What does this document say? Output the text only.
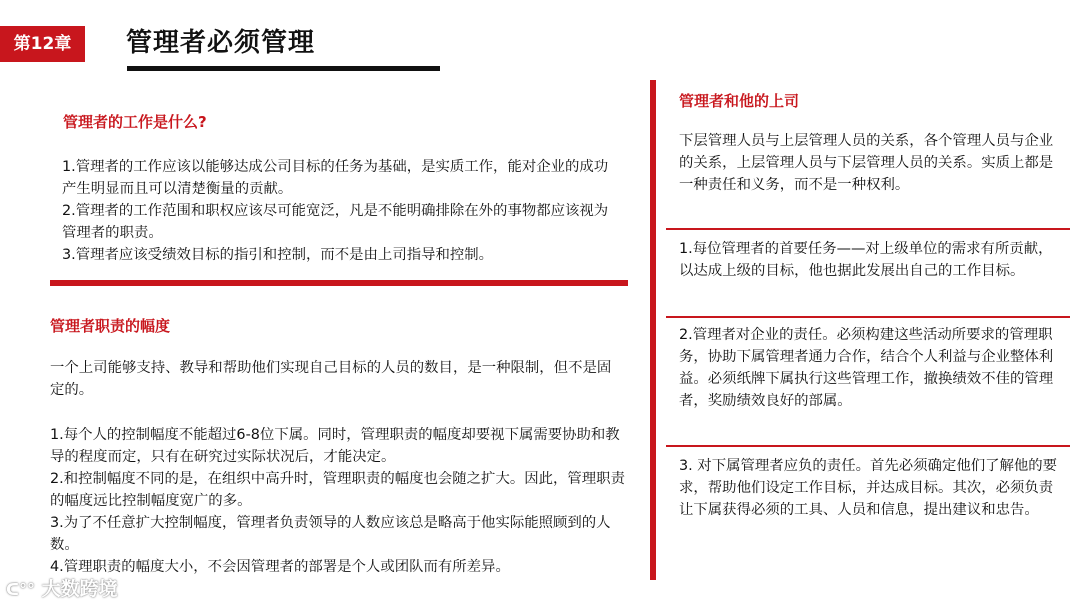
第12章	管理者必须管理
管理者的工作是什么?

1.管理者的工作应该以能够达成公司目标的任务为基础，是实质工作，能对企业的成功产生明显而且可以清楚衡量的贡献。

2.管理者的工作范围和职权应该尽可能宽泛，凡是不能明确排除在外的事物都应该视为管理者的职责。

3.管理者应该受绩效目标的指引和控制，而不是由上司指导和控制。

管理者职责的幅度
一个上司能够支持、教导和帮助他们实现自己目标的人员的数目，是一种限制，但不是固定的。

1.每个人的控制幅度不能超过6-8位下属。同时，管理职责的幅度却要视下属需要协助和教导的程度而定，只有在研究过实际状况后，才能决定。

2.和控制幅度不同的是，在组织中高升时，管理职责的幅度也会随之扩大。因此，管理职责的幅度远比控制幅度宽广的多。

3.为了不任意扩大控制幅度，管理者负责领导的人数应该总是略高于他实际能照顾到的人数。

4.管理职责的幅度大小，不会因管理者的部署是个人或团队而有所差异。

管理者和他的上司
下层管理人员与上层管理人员的关系，各个管理人员与企业的关系，上层管理人员与下层管理人员的关系。实质上都是一种责任和义务，而不是一种权利。
1.每位管理者的首要任务——对上级单位的需求有所贡献，以达成上级的目标，他也据此发展出自己的工作目标。
2.管理者对企业的责任。必须构建这些活动所要求的管理职务，协助下属管理者通力合作，结合个人利益与企业整体利益。必须纸牌下属执行这些管理工作，撤换绩效不佳的管理者，奖励绩效良好的部属。
3. 对下属管理者应负的责任。首先必须确定他们了解他的要求，帮助他们设定工作目标，并达成目标。其次，必须负责让下属获得必须的工具、人员和信息，提出建议和忠告。
ᑕ°° 大数跨境
